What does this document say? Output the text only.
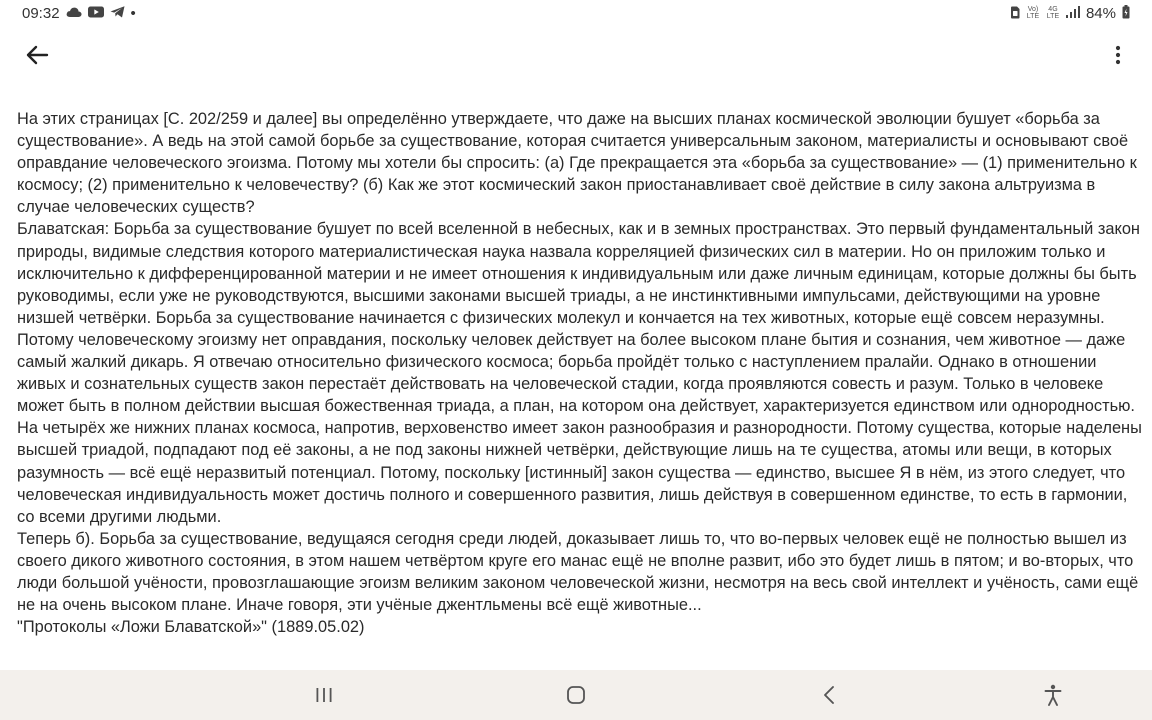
09:32	•	Vo)
LTE
4G
LTE 84%

На этих страницах [C. 202/259 и далее] вы определённо утверждаете, что даже на высших планах космической эволюции бушует «борьба за существование». А ведь на этой самой борьбе за существование, которая считается универсальным законом, материалисты и основывают своё оправдание человеческого эгоизма. Потому мы хотели бы спросить: (а) Где прекращается эта «борьба за существование» — (1) применительно к космосу; (2) применительно к человечеству? (б) Как же этот космический закон приостанавливает своё действие в силу закона альтруизма в случае человеческих существ?

Блаватская: Борьба за существование бушует по всей вселенной в небесных, как и в земных пространствах. Это первый фундаментальный закон природы, видимые следствия которого материалистическая наука назвала корреляцией физических сил в материи. Но он приложим только и исключительно к дифференцированной материи и не имеет отношения к индивидуальным или даже личным единицам, которые должны бы быть руководимы, если уже не руководствуются, высшими законами высшей триады, а не инстинктивными импульсами, действующими на уровне низшей четвёрки. Борьба за существование начинается с физических молекул и кончается на тех животных, которые ещё совсем неразумны. Потому человеческому эгоизму нет оправдания, поскольку человек действует на более высоком плане бытия и сознания, чем животное — даже самый жалкий дикарь. Я отвечаю относительно физического космоса; борьба пройдёт только с наступлением пралайи. Однако в отношении живых и сознательных существ закон перестаёт действовать на человеческой стадии, когда проявляются совесть и разум. Только в человеке может быть в полном действии высшая божественная триада, а план, на котором она действует, характеризуется единством или однородностью. На четырёх же нижних планах космоса, напротив, верховенство имеет закон разнообразия и разнородности. Потому существа, которые наделены высшей триадой, подпадают под её законы, а не под законы нижней четвёрки, действующие лишь на те существа, атомы или вещи, в которых разумность — всё ещё неразвитый потенциал. Потому, поскольку [истинный] закон существа — единство, высшее Я в нём, из этого следует, что человеческая индивидуальность может достичь полного и совершенного развития, лишь действуя в совершенном единстве, то есть в гармонии, со всеми другими людьми.

Теперь б). Борьба за существование, ведущаяся сегодня среди людей, доказывает лишь то, что во-первых человек ещё не полностью вышел из своего дикого животного состояния, в этом нашем четвёртом круге его манас ещё не вполне развит, ибо это будет лишь в пятом; и во-вторых, что люди большой учёности, провозглашающие эгоизм великим законом человеческой жизни, несмотря на весь свой интеллект и учёность, сами ещё не на очень высоком плане. Иначе говоря, эти учёные джентльмены всё ещё животные...

"Протоколы «Ложи Блаватской»" (1889.05.02)
